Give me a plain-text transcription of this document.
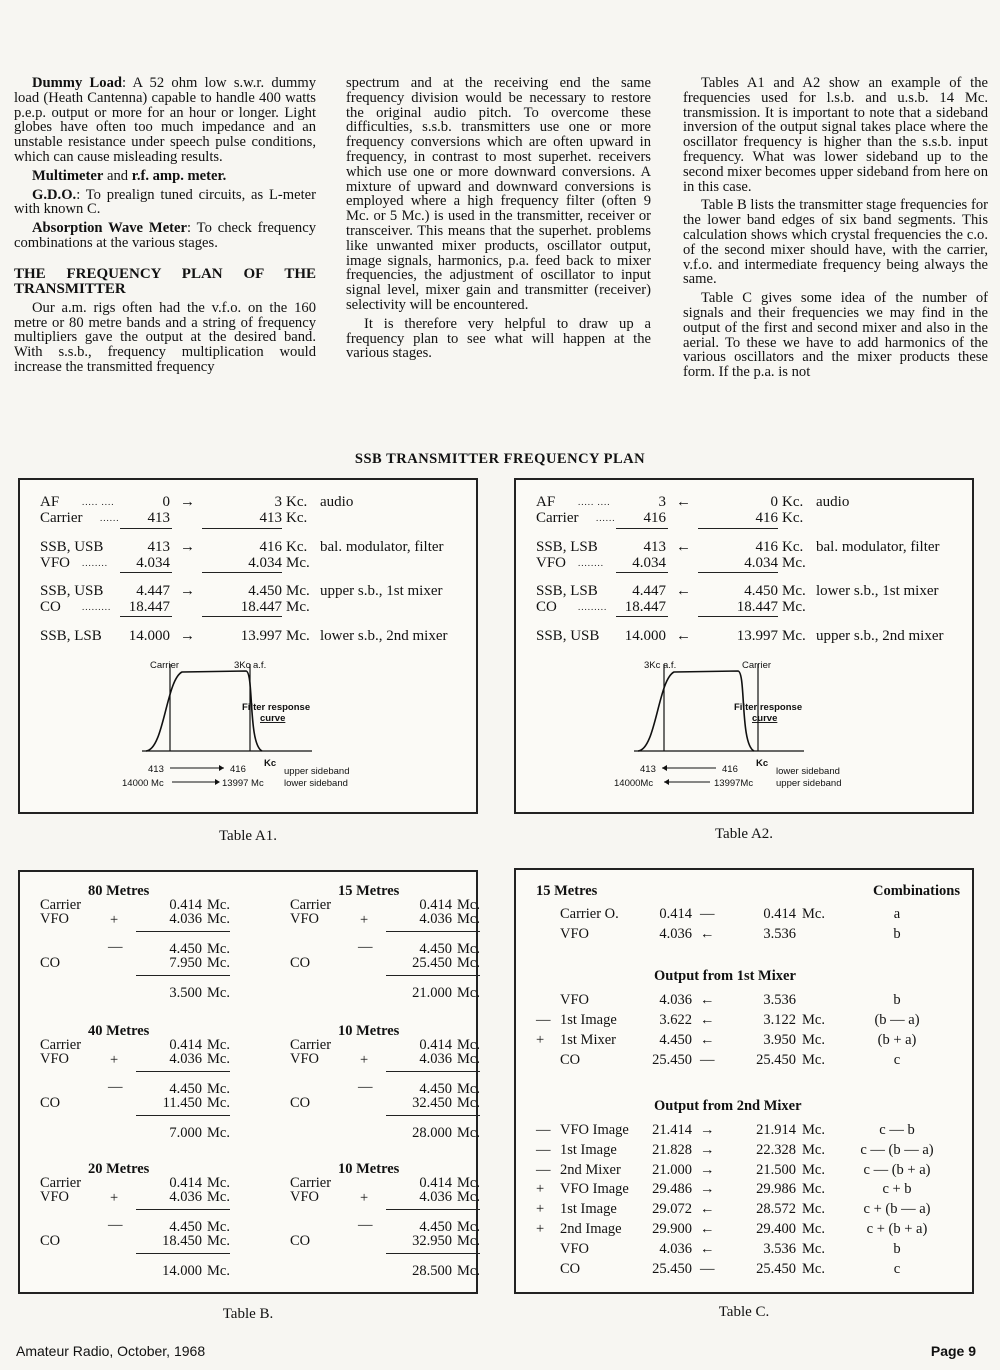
Dummy Load: A 52 ohm low s.w.r. dummy load (Heath Cantenna) capable to handle 400 watts p.e.p. output or more for an hour or longer. Light globes have often too much impedance and an unstable resistance under speech pulse conditions, which can cause misleading results.

Multimeter and r.f. amp. meter.

G.D.O.: To prealign tuned circuits, as L-meter with known C.

Absorption Wave Meter: To check frequency combinations at the various stages.

THE FREQUENCY PLAN OF THE TRANSMITTER

Our a.m. rigs often had the v.f.o. on the 160 metre or 80 metre bands and a string of frequency multipliers gave the output at the desired band. With s.s.b., frequency multiplication would increase the transmitted frequency

spectrum and at the receiving end the same frequency division would be necessary to restore the original audio pitch. To overcome these difficulties, s.s.b. transmitters use one or more frequency conversions which are often upward in frequency, in contrast to most superhet. receivers which use one or more downward conversions. A mixture of upward and downward conversions is employed where a high frequency filter (often 9 Mc. or 5 Mc.) is used in the transmitter, receiver or transceiver. This means that the superhet. problems like unwanted mixer products, oscillator output, image signals, harmonics, p.a. feed back to mixer frequencies, the adjustment of oscillator to input signal level, mixer gain and transmitter (receiver) selectivity will be encountered.

It is therefore very helpful to draw up a frequency plan to see what will happen at the various stages.

Tables A1 and A2 show an example of the frequencies used for l.s.b. and u.s.b. 14 Mc. transmission. It is important to note that a sideband inversion of the output signal takes place where the oscillator frequency is higher than the s.s.b. input frequency. What was lower sideband up to the second mixer becomes upper sideband from here on in this case.

Table B lists the transmitter stage frequencies for the lower band edges of six band segments. This calculation shows which crystal frequencies the c.o. of the second mixer should have, with the carrier, v.f.o. and intermediate frequency being always the same.

Table C gives some idea of the number of signals and their frequencies we may find in the output of the first and second mixer and also in the aerial. To these we have to add harmonics of the various oscillators and the mixer products these form. If the p.a. is not

SSB TRANSMITTER FREQUENCY PLAN
AF	..... ....	0 →	3 Kc. audio
Carrier ...... 413	413 Kc.
SSB, USB	413 →	416 Kc. bal. modulator, filter
VFO ........ 4.034	4.034 Mc.
SSB, USB 4.447 →	4.450 Mc. upper s.b., 1st mixer
CO ......... 18.447	18.447 Mc.
SSB, LSB 14.000 →	13.997 Mc. lower s.b., 2nd mixer
Carrier	3Kc a.f.
Filter response
curve
413	416
Kc
upper sideband
14000 Mc	13997 Mc lower sideband
Table A1.
AF	..... ....	3 ←	0 Kc. audio
Carrier ...... 416	416 Kc.
SSB, LSB	413 ←	416 Kc. bal. modulator, filter
VFO ........ 4.034	4.034 Mc.
SSB, LSB 4.447 ←	4.450 Mc. lower s.b., 1st mixer
CO ......... 18.447	18.447 Mc.
SSB, USB 14.000 ←	13.997 Mc. upper s.b., 2nd mixer
3Kc a.f.	Carrier
Filter response
curve
413	416
Kc
lower sideband
14000Mc	13997Mc upper sideband
Table A2.
80 Metres
Carrier	0.414 Mc.
VFO	+	4.036 Mc.
—	4.450 Mc.
CO	7.950 Mc.
3.500 Mc.
15 Metres
Carrier	0.414 Mc.
VFO	+	4.036 Mc.
—	4.450 Mc.
CO	25.450 Mc.
21.000 Mc.
40 Metres
Carrier	0.414 Mc.
VFO	+	4.036 Mc.
—	4.450 Mc.
CO	11.450 Mc.
7.000 Mc.
10 Metres
Carrier	0.414 Mc.
VFO	+	4.036 Mc.
—	4.450 Mc.
CO	32.450 Mc.
28.000 Mc.
20 Metres
Carrier	0.414 Mc.
VFO	+	4.036 Mc.
—	4.450 Mc.
CO	18.450 Mc.
14.000 Mc.
10 Metres
Carrier	0.414 Mc.
VFO	+	4.036 Mc.
—	4.450 Mc.
CO	32.950 Mc.
28.500 Mc.
Table B.
15 Metres	Combinations
Carrier O.	0.414 —	0.414 Mc.	a
VFO	4.036 ←	3.536	b
Output from 1st Mixer
VFO	4.036 ←	3.536	b
— 1st Image	3.622 ←	3.122 Mc.	(b — a)
+ 1st Mixer	4.450 ←	3.950 Mc.	(b + a)
CO	25.450 —	25.450 Mc.	c
Output from 2nd Mixer
— VFO Image 21.414 →	21.914 Mc.	c — b
— 1st Image 21.828 →	22.328 Mc.	c — (b — a)
— 2nd Mixer 21.000 →	21.500 Mc.	c — (b + a)
+ VFO Image 29.486 →	29.986 Mc.	c + b
+ 1st Image 29.072 ←	28.572 Mc.	c + (b — a)
+ 2nd Image 29.900 ←	29.400 Mc.	c + (b + a)
VFO	4.036 ←	3.536 Mc.	b
CO	25.450 —	25.450 Mc.	c
Table C.
Amateur Radio, October, 1968	Page 9
